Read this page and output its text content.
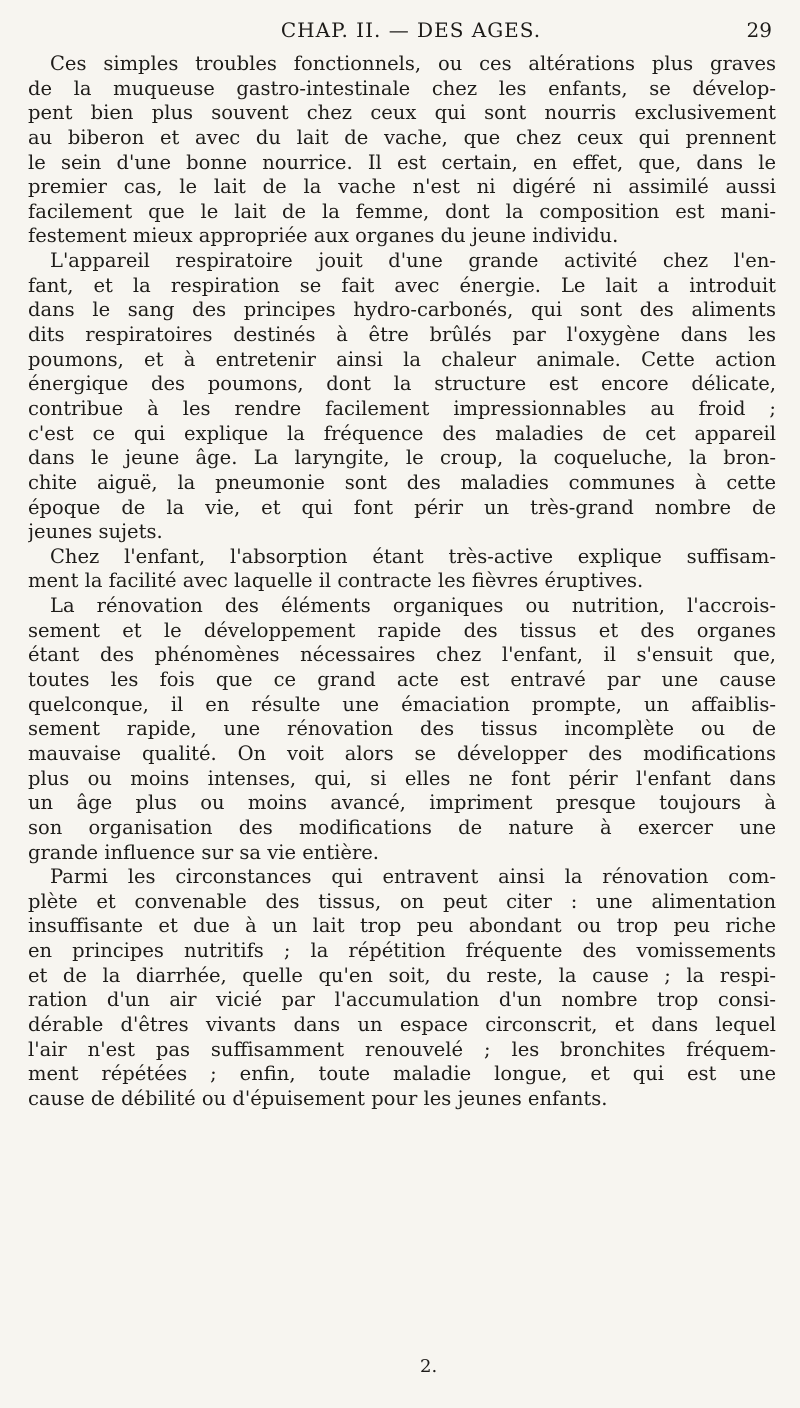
CHAP. II. — DES AGES.	29
Ces simples troubles fonctionnels, ou ces altérations plus graves
de la muqueuse gastro-intestinale chez les enfants, se dévelop-
pent bien plus souvent chez ceux qui sont nourris exclusivement
au biberon et avec du lait de vache, que chez ceux qui prennent
le sein d'une bonne nourrice. Il est certain, en effet, que, dans le
premier cas, le lait de la vache n'est ni digéré ni assimilé aussi
facilement que le lait de la femme, dont la composition est mani-
festement mieux appropriée aux organes du jeune individu.
L'appareil respiratoire jouit d'une grande activité chez l'en-
fant, et la respiration se fait avec énergie. Le lait a introduit
dans le sang des principes hydro-carbonés, qui sont des aliments
dits respiratoires destinés à être brûlés par l'oxygène dans les
poumons, et à entretenir ainsi la chaleur animale. Cette action
énergique des poumons, dont la structure est encore délicate,
contribue à les rendre facilement impressionnables au froid ;
c'est ce qui explique la fréquence des maladies de cet appareil
dans le jeune âge. La laryngite, le croup, la coqueluche, la bron-
chite aiguë, la pneumonie sont des maladies communes à cette
époque de la vie, et qui font périr un très-grand nombre de
jeunes sujets.
Chez l'enfant, l'absorption étant très-active explique suffisam-
ment la facilité avec laquelle il contracte les fièvres éruptives.
La rénovation des éléments organiques ou nutrition, l'accrois-
sement et le développement rapide des tissus et des organes
étant des phénomènes nécessaires chez l'enfant, il s'ensuit que,
toutes les fois que ce grand acte est entravé par une cause
quelconque, il en résulte une émaciation prompte, un affaiblis-
sement rapide, une rénovation des tissus incomplète ou de
mauvaise qualité. On voit alors se développer des modifications
plus ou moins intenses, qui, si elles ne font périr l'enfant dans
un âge plus ou moins avancé, impriment presque toujours à
son organisation des modifications de nature à exercer une
grande influence sur sa vie entière.
Parmi les circonstances qui entravent ainsi la rénovation com-
plète et convenable des tissus, on peut citer : une alimentation
insuffisante et due à un lait trop peu abondant ou trop peu riche
en principes nutritifs ; la répétition fréquente des vomissements
et de la diarrhée, quelle qu'en soit, du reste, la cause ; la respi-
ration d'un air vicié par l'accumulation d'un nombre trop consi-
dérable d'êtres vivants dans un espace circonscrit, et dans lequel
l'air n'est pas suffisamment renouvelé ; les bronchites fréquem-
ment répétées ; enfin, toute maladie longue, et qui est une
cause de débilité ou d'épuisement pour les jeunes enfants.
2.
